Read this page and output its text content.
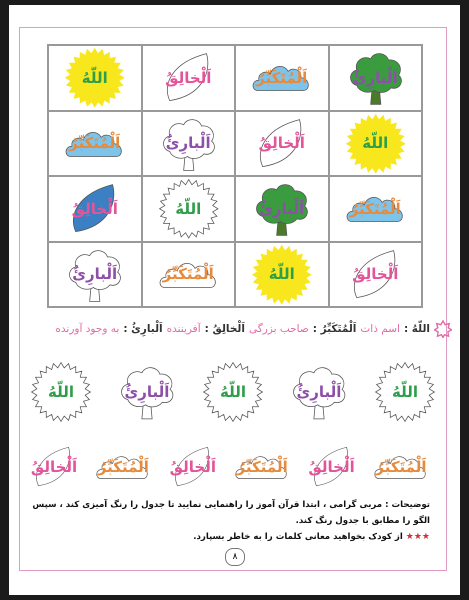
اللّهُ	اَلْخالِقُ	اَلْمُتَكَبِّرُ	اَلْبارِئُ
اَلْمُتَكَبِّرُ	اَلْبارِئُ	اَلْخالِقُ	اللّهُ
اَلْخالِقُ	اللّهُ	اَلْبارِئُ	اَلْمُتَكَبِّرُ
اَلْبارِئُ	اَلْمُتَكَبِّرُ	اللّهُ	اَلْخالِقُ
اللّهُ :
اسم ذات
اَلْمُتَكَبِّرُ :
صاحب بزرگی
اَلْخالِقُ :
آفریننده
اَلْبارِئُ :
به وجود آورنده
اللّهُ	اَلْبارِئُ	اللّهُ	اَلْبارِئُ	اللّهُ
اَلْخالِقُ اَلْمُتَكَبِّرُ اَلْخالِقُ اَلْمُتَكَبِّرُ اَلْخالِقُ اَلْمُتَكَبِّرُ
توضیحات : مربی گرامی ، ابتدا قرآن آموز را راهنمایی نمایید تا جدول را رنگ آمیزی کند ، سپس الگو را مطابق با جدول رنگ کند.
★★★ از کودک بخواهید معانی کلمات را به خاطر بسپارد.
۸
